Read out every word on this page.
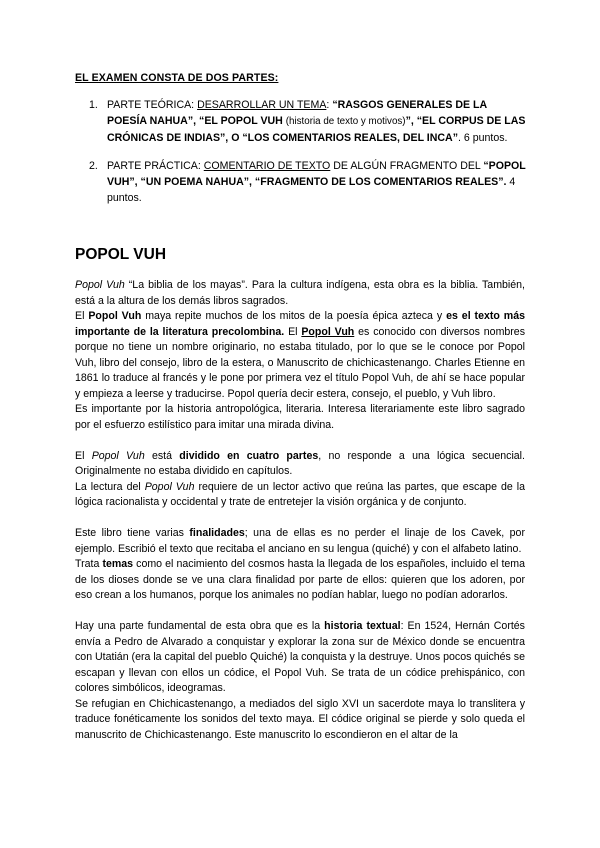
EL EXAMEN CONSTA DE DOS PARTES:
1. PARTE TEÓRICA: DESARROLLAR UN TEMA: “RASGOS GENERALES DE LA POESÍA NAHUA”, “EL POPOL VUH (historia de texto y motivos)”, “EL CORPUS DE LAS CRÓNICAS DE INDIAS”, O “LOS COMENTARIOS REALES, DEL INCA”. 6 puntos.
2. PARTE PRÁCTICA: COMENTARIO DE TEXTO DE ALGÚN FRAGMENTO DEL “POPOL VUH”, “UN POEMA NAHUA”, “FRAGMENTO DE LOS COMENTARIOS REALES”. 4 puntos.
POPOL VUH

Popol Vuh “La biblia de los mayas”. Para la cultura indígena, esta obra es la biblia. También, está a la altura de los demás libros sagrados.

El Popol Vuh maya repite muchos de los mitos de la poesía épica azteca y es el texto más importante de la literatura precolombina. El Popol Vuh es conocido con diversos nombres porque no tiene un nombre originario, no estaba titulado, por lo que se le conoce por Popol Vuh, libro del consejo, libro de la estera, o Manuscrito de chichicastenango. Charles Etienne en 1861 lo traduce al francés y le pone por primera vez el título Popol Vuh, de ahí se hace popular y empieza a leerse y traducirse. Popol quería decir estera, consejo, el pueblo, y Vuh libro.

Es importante por la historia antropológica, literaria. Interesa literariamente este libro sagrado por el esfuerzo estilístico para imitar una mirada divina.

El Popol Vuh está dividido en cuatro partes, no responde a una lógica secuencial. Originalmente no estaba dividido en capítulos.

La lectura del Popol Vuh requiere de un lector activo que reúna las partes, que escape de la lógica racionalista y occidental y trate de entretejer la visión orgánica y de conjunto.

Este libro tiene varias finalidades; una de ellas es no perder el linaje de los Cavek, por ejemplo. Escribió el texto que recitaba el anciano en su lengua (quiché) y con el alfabeto latino.

Trata temas como el nacimiento del cosmos hasta la llegada de los españoles, incluido el tema de los dioses donde se ve una clara finalidad por parte de ellos: quieren que los adoren, por eso crean a los humanos, porque los animales no podían hablar, luego no podían adorarlos.

Hay una parte fundamental de esta obra que es la historia textual: En 1524, Hernán Cortés envía a Pedro de Alvarado a conquistar y explorar la zona sur de México donde se encuentra con Utatián (era la capital del pueblo Quiché) la conquista y la destruye. Unos pocos quichés se escapan y llevan con ellos un códice, el Popol Vuh. Se trata de un códice prehispánico, con colores simbólicos, ideogramas.

Se refugian en Chichicastenango, a mediados del siglo XVI un sacerdote maya lo translitera y traduce fonéticamente los sonidos del texto maya. El códice original se pierde y solo queda el manuscrito de Chichicastenango. Este manuscrito lo escondieron en el altar de la
